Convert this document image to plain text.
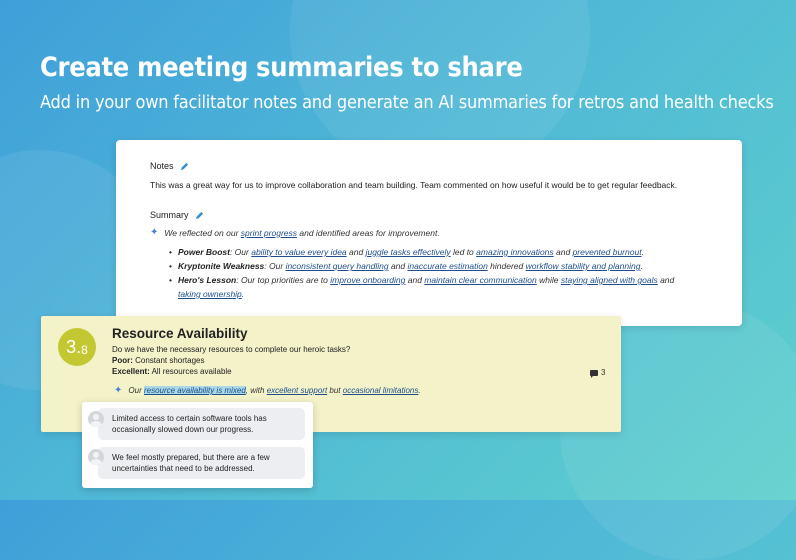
Create meeting summaries to share

Add in your own facilitator notes and generate an AI summaries for retros and health checks

Notes
This was a great way for us to improve collaboration and team building. Team commented on how useful it would be to get regular feedback.
Summary
✦ We reflected on our sprint progress and identified areas for improvement.
• Power Boost: Our ability to value every idea and juggle tasks effectively led to amazing innovations and prevented burnout.
• Kryptonite Weakness: Our inconsistent query handling and inaccurate estimation hindered workflow stability and planning.
• Hero's Lesson: Our top priorities are to improve onboarding and maintain clear communication while staying aligned with goals and taking ownership.
3. 8
Resource Availability
Do we have the necessary resources to complete our heroic tasks?
Poor: Constant shortages
Excellent: All resources available
✦ Our resource availability is mixed, with excellent support but occasional limitations.
3
Limited access to certain software tools has occasionally slowed down our progress.
We feel mostly prepared, but there are a few uncertainties that need to be addressed.
